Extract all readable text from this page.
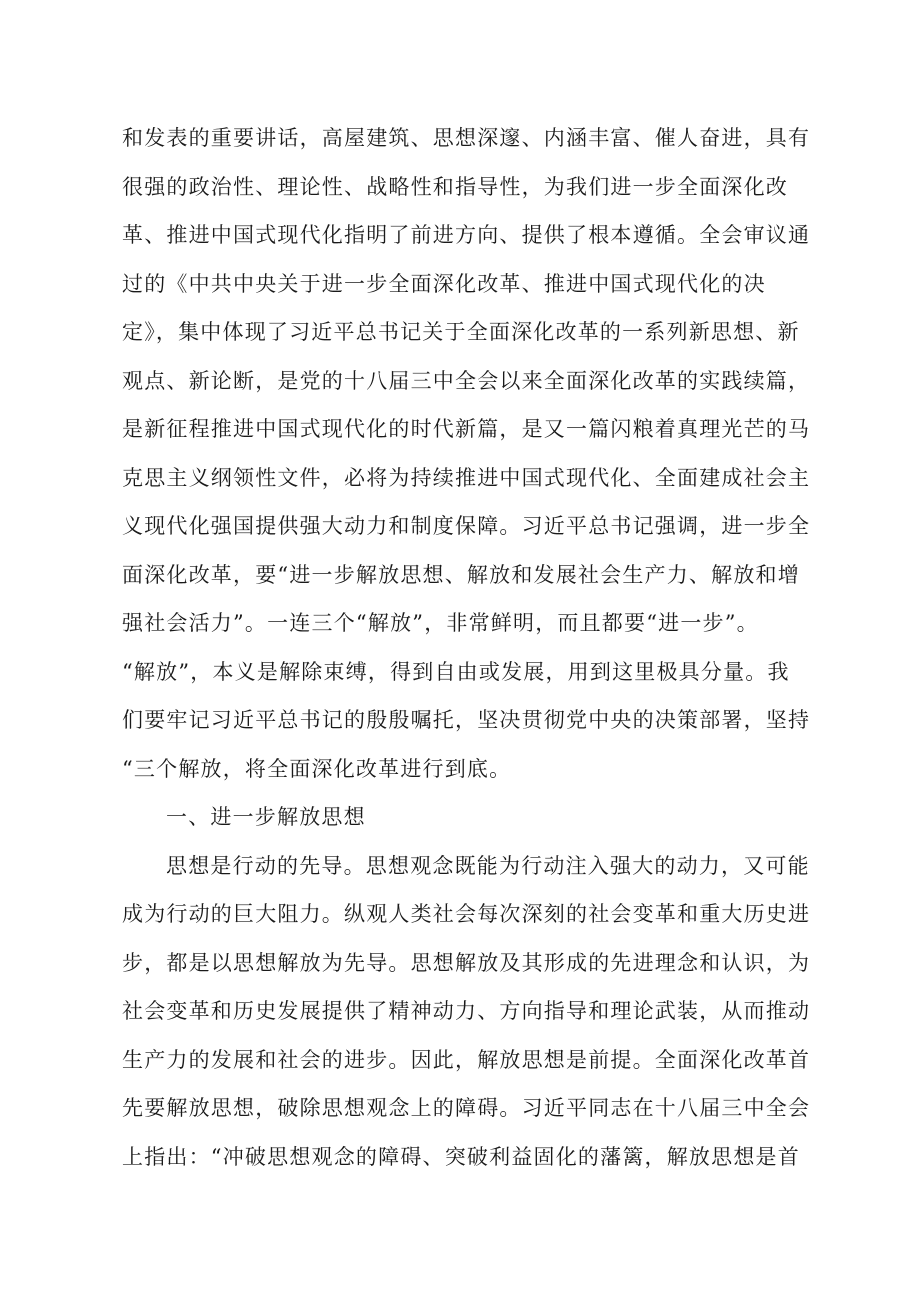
和发表的重要讲话，高屋建筑、思想深邃、内涵丰富、催人奋进，具有
很强的政治性、理论性、战略性和指导性，为我们进一步全面深化改
革、推进中国式现代化指明了前进方向、提供了根本遵循。全会审议通
过的《中共中央关于进一步全面深化改革、推进中国式现代化的决
定》，集中体现了习近平总书记关于全面深化改革的一系列新思想、新
观点、新论断，是党的十八届三中全会以来全面深化改革的实践续篇，
是新征程推进中国式现代化的时代新篇，是又一篇闪粮着真理光芒的马
克思主义纲领性文件，必将为持续推进中国式现代化、全面建成社会主
义现代化强国提供强大动力和制度保障。习近平总书记强调，进一步全
面深化改革，要“进一步解放思想、解放和发展社会生产力、解放和增
强社会活力”。一连三个“解放”，非常鲜明，而且都要“进一步”。
“解放”，本义是解除束缚，得到自由或发展，用到这里极具分量。我
们要牢记习近平总书记的殷殷嘱托，坚决贯彻党中央的决策部署，坚持
“三个解放，将全面深化改革进行到底。
一、进一步解放思想
思想是行动的先导。思想观念既能为行动注入强大的动力，又可能
成为行动的巨大阻力。纵观人类社会每次深刻的社会变革和重大历史进
步，都是以思想解放为先导。思想解放及其形成的先进理念和认识，为
社会变革和历史发展提供了精神动力、方向指导和理论武装，从而推动
生产力的发展和社会的进步。因此，解放思想是前提。全面深化改革首
先要解放思想，破除思想观念上的障碍。习近平同志在十八届三中全会
上指出：“冲破思想观念的障碍、突破利益固化的藩篱，解放思想是首
